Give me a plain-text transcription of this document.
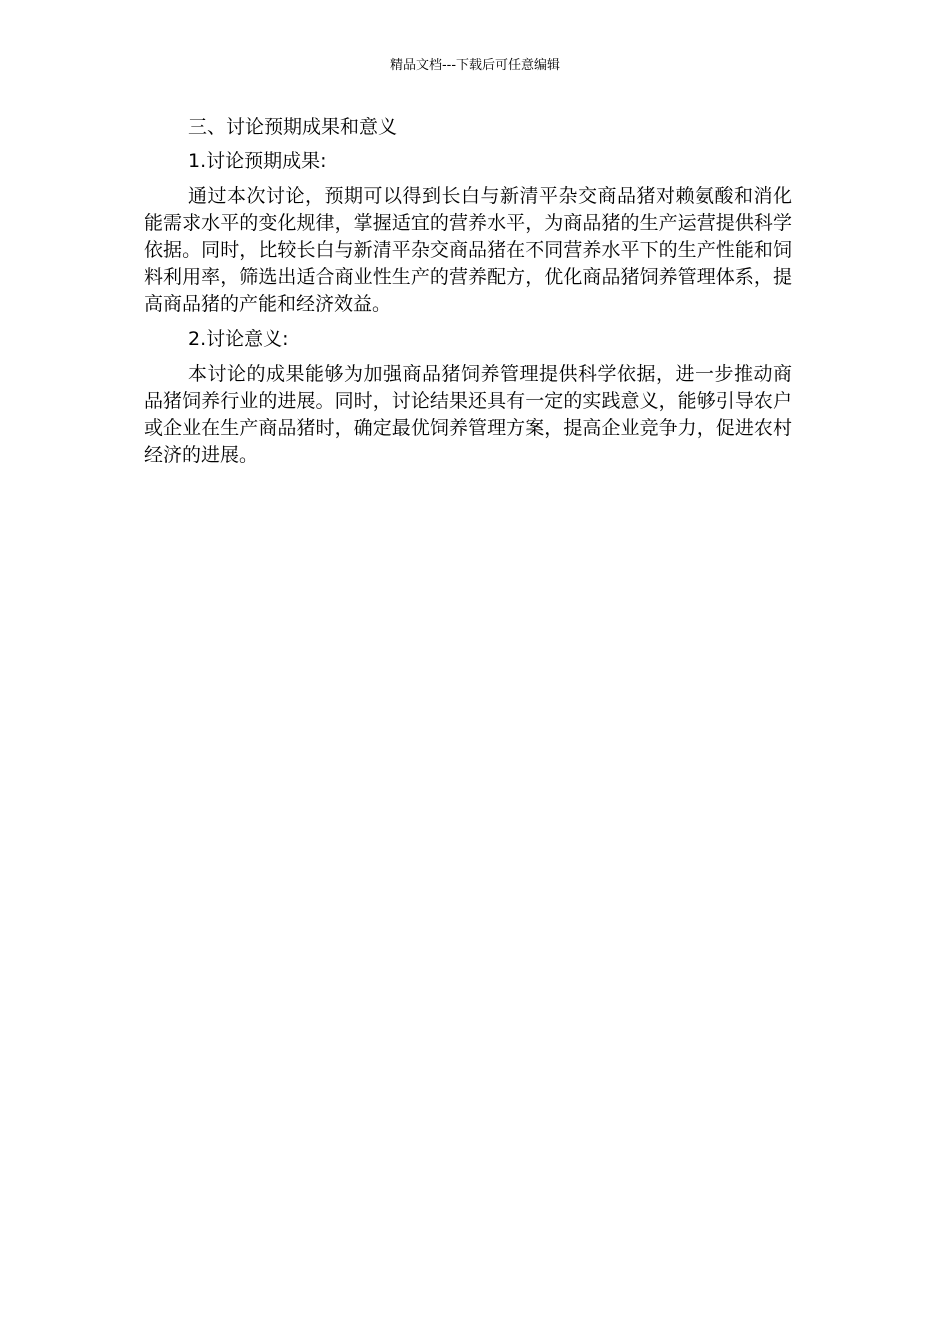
精品文档---下载后可任意编辑

三、讨论预期成果和意义

1.讨论预期成果:

通过本次讨论，预期可以得到长白与新清平杂交商品猪对赖氨酸和消化能需求水平的变化规律，掌握适宜的营养水平，为商品猪的生产运营提供科学依据。同时，比较长白与新清平杂交商品猪在不同营养水平下的生产性能和饲料利用率，筛选出适合商业性生产的营养配方，优化商品猪饲养管理体系，提高商品猪的产能和经济效益。

2.讨论意义:

本讨论的成果能够为加强商品猪饲养管理提供科学依据，进一步推动商品猪饲养行业的进展。同时，讨论结果还具有一定的实践意义，能够引导农户或企业在生产商品猪时，确定最优饲养管理方案，提高企业竞争力，促进农村经济的进展。
